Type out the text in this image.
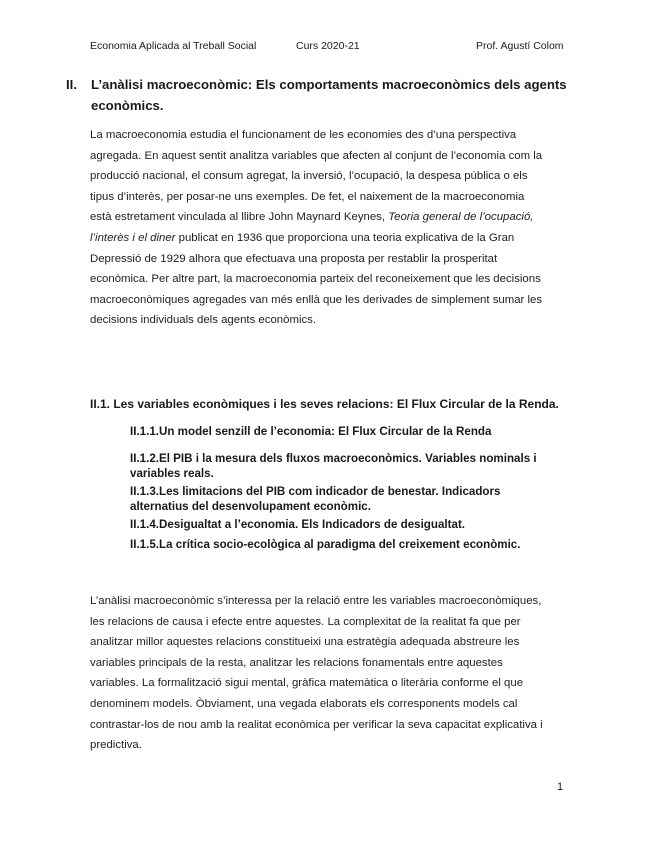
Economia Aplicada al Treball Social	Curs 2020-21	Prof. Agustí Colom
II.	L’anàlisi macroeconòmic: Els comportaments macroeconòmics dels agents
econòmics.
La macroeconomia estudia el funcionament de les economies des d’una perspectiva
agregada. En aquest sentit analitza variables que afecten al conjunt de l’economia com la
producció nacional, el consum agregat, la inversió, l’ocupació, la despesa pública o els
tipus d’interès, per posar-ne uns exemples. De fet, el naixement de la macroeconomia
està estretament vinculada al llibre John Maynard Keynes, Teoria general de l’ocupació,
l’interès i el diner publicat en 1936 que proporciona una teoria explicativa de la Gran
Depressió de 1929 alhora que efectuava una proposta per restablir la prosperitat
econòmica. Per altre part, la macroeconomia parteix del reconeixement que les decisions
macroeconòmiques agregades van més enllà que les derivades de simplement sumar les
decisions individuals dels agents econòmics.
II.1. Les variables econòmiques i les seves relacions: El Flux Circular de la Renda.
II.1.1.Un model senzill de l’economia: El Flux Circular de la Renda
II.1.2.El PIB i la mesura dels fluxos macroeconòmics. Variables nominals i
variables reals.
II.1.3.Les limitacions del PIB com indicador de benestar. Indicadors
alternatius del desenvolupament econòmic.
II.1.4.Desigualtat a l’economia. Els Indicadors de desigualtat.
II.1.5.La crítica socio-ecològica al paradigma del creixement econòmic.
L’anàlisi macroeconòmic s’interessa per la relació entre les variables macroeconòmiques,
les relacions de causa i efecte entre aquestes. La complexitat de la realitat fa que per
analitzar millor aquestes relacions constitueixi una estratègia adequada abstreure les
variables principals de la resta, analitzar les relacions fonamentals entre aquestes
variables. La formalització sigui mental, gràfica matemàtica o literària conforme el que
denominem models. Òbviament, una vegada elaborats els corresponents models cal
contrastar-los de nou amb la realitat econòmica per verificar la seva capacitat explicativa i
predictiva.
1
